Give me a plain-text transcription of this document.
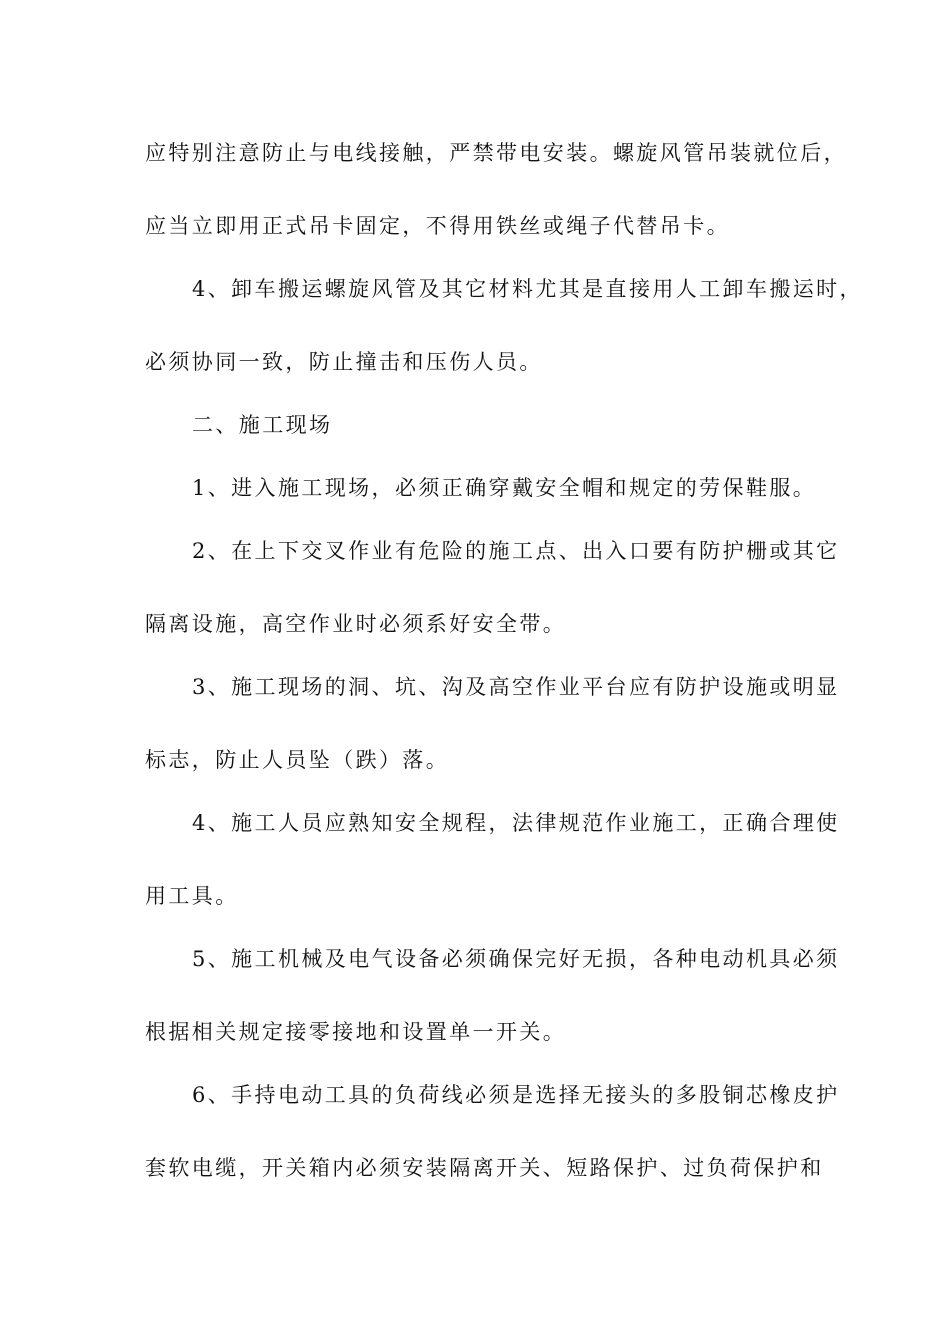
应特别注意防止与电线接触，严禁带电安装。螺旋风管吊装就位后，
应当立即用正式吊卡固定，不得用铁丝或绳子代替吊卡。
4、卸车搬运螺旋风管及其它材料尤其是直接用人工卸车搬运时，
必须协同一致，防止撞击和压伤人员。
二、施工现场
1、进入施工现场，必须正确穿戴安全帽和规定的劳保鞋服。
2、在上下交叉作业有危险的施工点、出入口要有防护栅或其它
隔离设施，高空作业时必须系好安全带。
3、施工现场的洞、坑、沟及高空作业平台应有防护设施或明显
标志，防止人员坠（跌）落。
4、施工人员应熟知安全规程，法律规范作业施工，正确合理使
用工具。
5、施工机械及电气设备必须确保完好无损，各种电动机具必须
根据相关规定接零接地和设置单一开关。
6、手持电动工具的负荷线必须是选择无接头的多股铜芯橡皮护
套软电缆，开关箱内必须安装隔离开关、短路保护、过负荷保护和
